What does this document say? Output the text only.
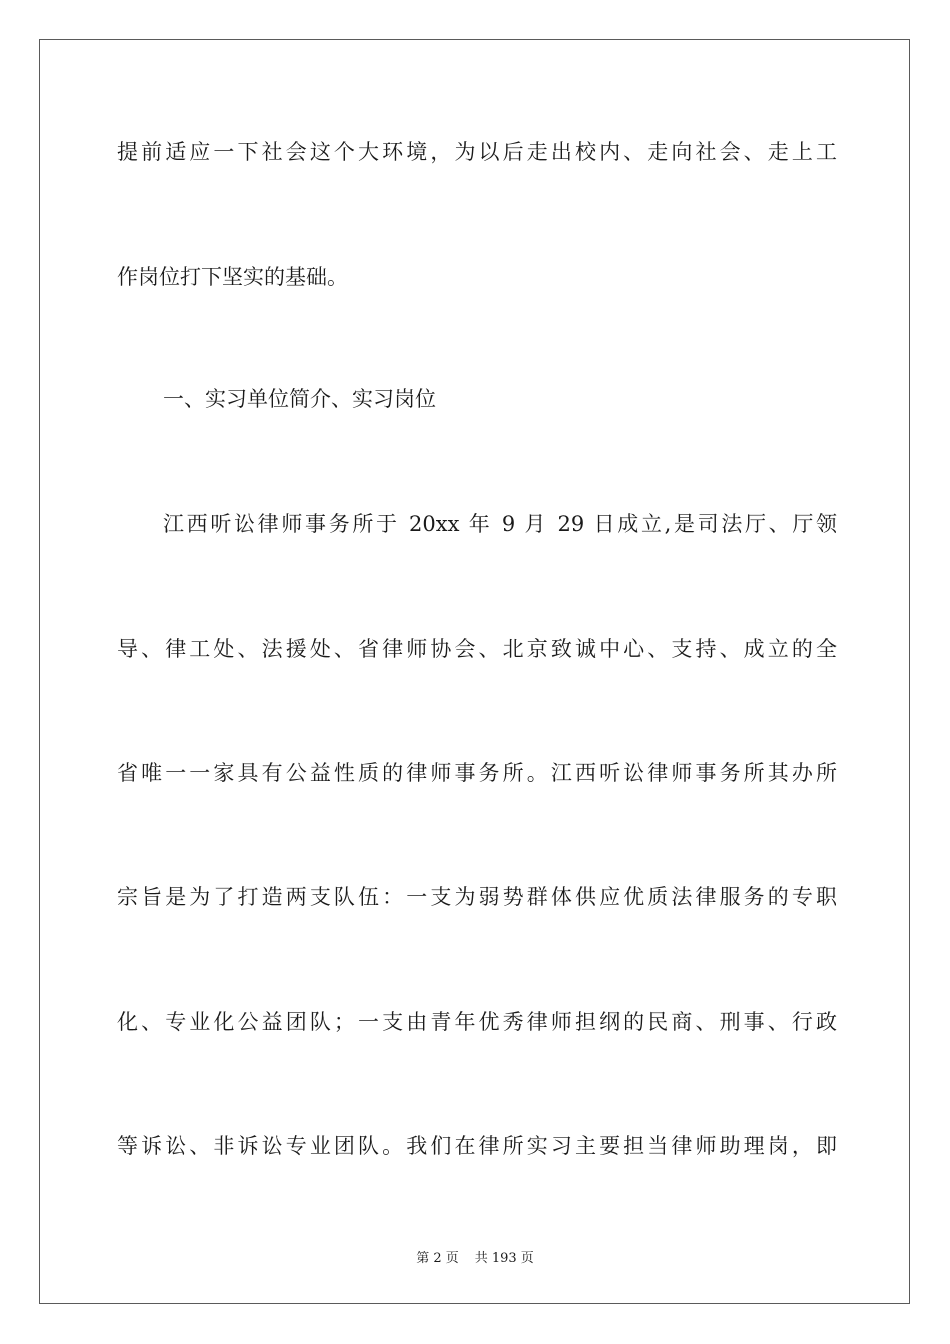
提前适应一下社会这个大环境，为以后走出校内、走向社会、走上工
作岗位打下坚实的基础。
一、实习单位简介、实习岗位
江西听讼律师事务所于 20xx 年 9 月 29 日成立,是司法厅、厅领
导、律工处、法援处、省律师协会、北京致诚中心、支持、成立的全
省唯一一家具有公益性质的律师事务所。江西听讼律师事务所其办所
宗旨是为了打造两支队伍：一支为弱势群体供应优质法律服务的专职
化、专业化公益团队；一支由青年优秀律师担纲的民商、刑事、行政
等诉讼、非诉讼专业团队。我们在律所实习主要担当律师助理岗，即
第 2 页 共 193 页
